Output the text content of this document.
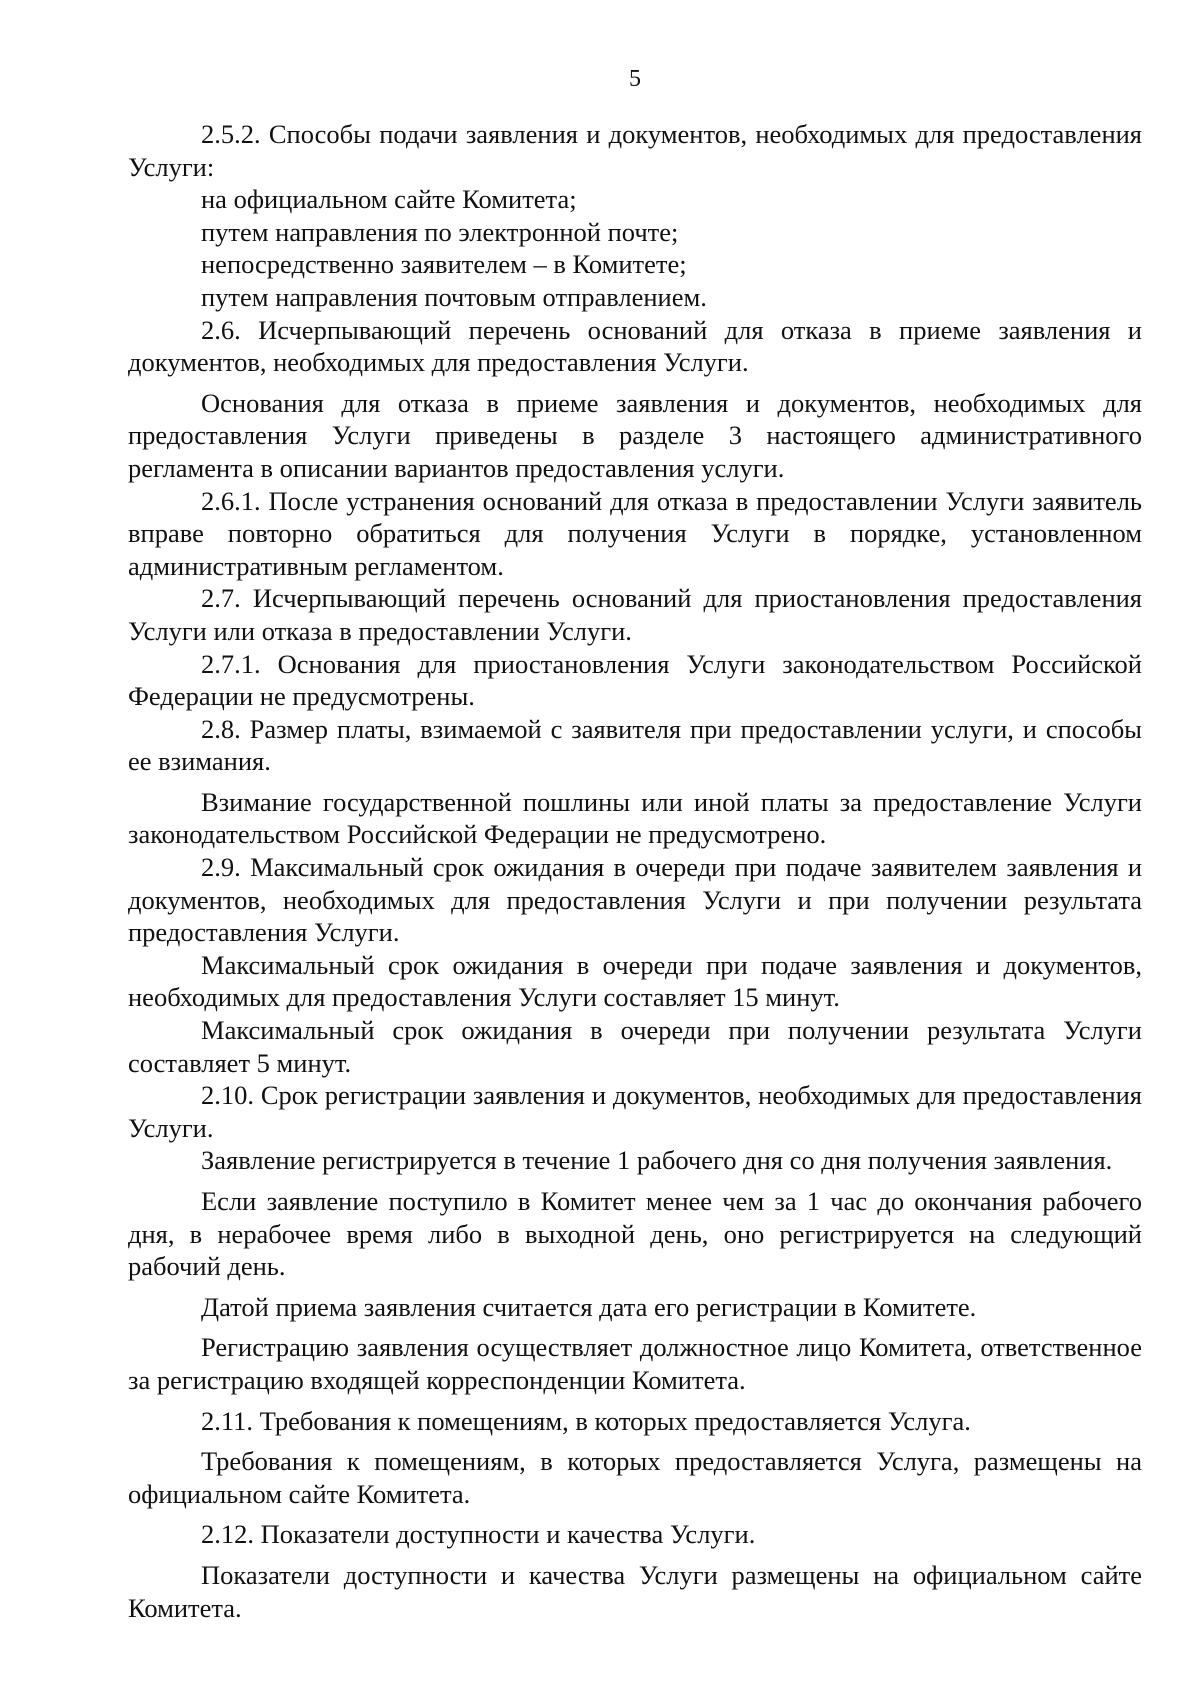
5

2.5.2. Способы подачи заявления и документов, необходимых для предоставления Услуги:

на официальном сайте Комитета;

путем направления по электронной почте;

непосредственно заявителем – в Комитете;

путем направления почтовым отправлением.

2.6. Исчерпывающий перечень оснований для отказа в приеме заявления и документов, необходимых для предоставления Услуги.

Основания для отказа в приеме заявления и документов, необходимых для предоставления Услуги приведены в разделе 3 настоящего административного регламента в описании вариантов предоставления услуги.

2.6.1. После устранения оснований для отказа в предоставлении Услуги заявитель вправе повторно обратиться для получения Услуги в порядке, установленном административным регламентом.

2.7. Исчерпывающий перечень оснований для приостановления предоставления Услуги или отказа в предоставлении Услуги.

2.7.1. Основания для приостановления Услуги законодательством Российской Федерации не предусмотрены.

2.8. Размер платы, взимаемой с заявителя при предоставлении услуги, и способы ее взимания.

Взимание государственной пошлины или иной платы за предоставление Услуги законодательством Российской Федерации не предусмотрено.

2.9. Максимальный срок ожидания в очереди при подаче заявителем заявления и документов, необходимых для предоставления Услуги и при получении результата предоставления Услуги.

Максимальный срок ожидания в очереди при подаче заявления и документов, необходимых для предоставления Услуги составляет 15 минут.

Максимальный срок ожидания в очереди при получении результата Услуги составляет 5 минут.

2.10. Срок регистрации заявления и документов, необходимых для предоставления Услуги.

Заявление регистрируется в течение 1 рабочего дня со дня получения заявления.

Если заявление поступило в Комитет менее чем за 1 час до окончания рабочего дня, в нерабочее время либо в выходной день, оно регистрируется на следующий рабочий день.

Датой приема заявления считается дата его регистрации в Комитете.

Регистрацию заявления осуществляет должностное лицо Комитета, ответственное за регистрацию входящей корреспонденции Комитета.

2.11. Требования к помещениям, в которых предоставляется Услуга.

Требования к помещениям, в которых предоставляется Услуга, размещены на официальном сайте Комитета.

2.12. Показатели доступности и качества Услуги.

Показатели доступности и качества Услуги размещены на официальном сайте Комитета.
